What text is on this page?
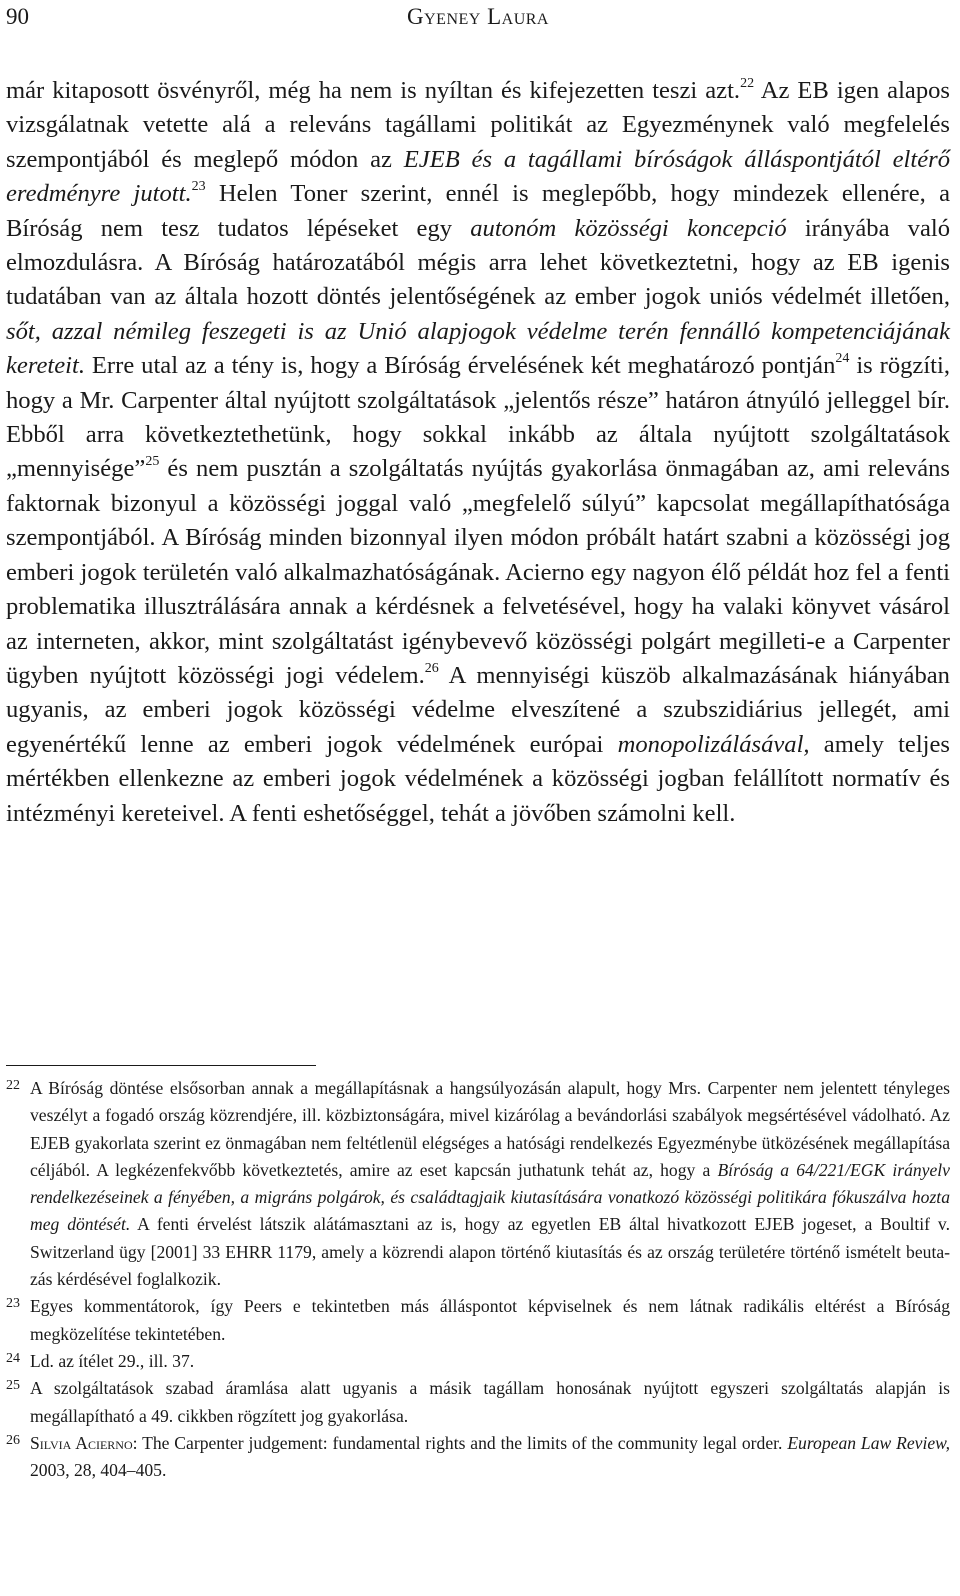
90	Gyeney Laura

már kitaposott ösvényről, még ha nem is nyíltan és kifejezetten teszi azt.$^{22}$ Az EB igen alapos vizsgálatnak vetette alá a releváns tagállami politikát az Egyezménynek való megfelelés szempontjából és meglepő módon az EJEB és a tagállami bíróságok álláspontjától eltérő eredményre jutott.$^{23}$ Helen Toner szerint, ennél is meglepőbb, hogy mindezek ellenére, a Bíróság nem tesz tudatos lépéseket egy autonóm közösségi koncepció irányába való elmozdulásra. A Bíróság határozatából mégis arra lehet következtetni, hogy az EB igenis tudatában van az általa hozott döntés jelentőségének az ember jogok uniós védelmét illetően, sőt, azzal némileg feszegeti is az Unió alapjogok védelme terén fennálló kompetenciájának kereteit. Erre utal az a tény is, hogy a Bíróság érvelésének két meghatározó pontján$^{24}$ is rögzíti, hogy a Mr. Carpenter által nyújtott szolgáltatások „jelentős része” határon átnyúló jelleggel bír. Ebből arra következtethetünk, hogy sokkal inkább az általa nyújtott szolgáltatások „mennyisége”$^{25}$ és nem pusztán a szolgáltatás nyújtás gyakorlása önmagában az, ami releváns faktornak bizonyul a közösségi joggal való „megfelelő súlyú” kapcsolat megállapíthatósága szempontjából. A Bíróság minden bizonnyal ilyen módon próbált határt szabni a közösségi jog emberi jogok területén való alkalmazhatóságának. Acierno egy nagyon élő példát hoz fel a fenti problematika illusztrálására annak a kérdésnek a felvetésével, hogy ha valaki könyvet vásárol az interneten, akkor, mint szolgáltatást igénybevevő közösségi polgárt megilleti-e a Carpenter ügyben nyújtott közösségi jogi védelem.$^{26}$ A mennyiségi küszöb alkalmazásának hiányában ugyanis, az emberi jogok közösségi védelme elveszítené a szubszidiárius jellegét, ami egyenértékű lenne az emberi jogok védelmének európai monopolizálásával, amely teljes mértékben ellenkezne az emberi jogok védelmének a közösségi jogban felállított normatív és intézményi kereteivel. A fenti eshetőséggel, tehát a jövőben számolni kell.

22 A Bíróság döntése elsősorban annak a megállapításnak a hangsúlyozásán alapult, hogy Mrs. Carpenter nem jelentett tényleges veszélyt a fogadó ország közrendjére, ill. közbiztonságára, mivel kizárólag a bevándorlási szabályok megsértésével vádolható. Az EJEB gyakorlata szerint ez önmagában nem feltétlenül elégséges a hatósági rendelkezés Egyezménybe ütközésének megállapítása céljából. A legkézenfekvőbb következtetés, amire az eset kapcsán juthatunk tehát az, hogy a Bíróság a 64/221/EGK irányelv rendelkezéseinek a fényében, a migráns polgárok, és családtagjaik kiutasítására vonatkozó közösségi politikára fókuszálva hozta meg döntését. A fenti érvelést látszik alátámasztani az is, hogy az egyetlen EB által hivatkozott EJEB jogeset, a Boultif v. Switzerland ügy [2001] 33 EHRR 1179, amely a közrendi alapon történő kiutasítás és az ország területére történő ismételt beutazás kérdésével foglalkozik.

23 Egyes kommentátorok, így Peers e tekintetben más álláspontot képviselnek és nem látnak radikális eltérést a Bíróság megközelítése tekintetében.

24 Ld. az ítélet 29., ill. 37.

25 A szolgáltatások szabad áramlása alatt ugyanis a másik tagállam honosának nyújtott egyszeri szolgáltatás alapján is megállapítható a 49. cikkben rögzített jog gyakorlása.

26 Silvia Acierno: The Carpenter judgement: fundamental rights and the limits of the community legal order. European Law Review, 2003, 28, 404–405.
